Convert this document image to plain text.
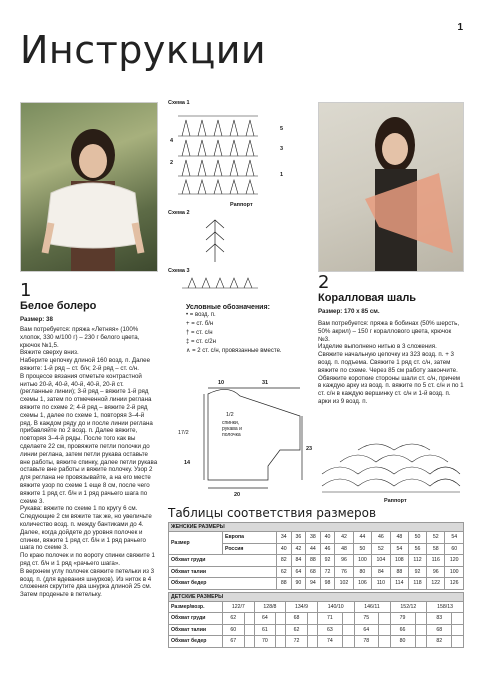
Инструкции
1
Схема 1
5
3
1
4
2
Раппорт
Схема 2
Схема 3
Условные обозначения:
• = возд. п.
+ = ст. б/н
† = ст. с/н
‡ = ст. с/2н
∧ = 2 ст. с/н, провязанные вместе.
10	31
17/2
14
23
20
1/2
спинки, рукава и полочка
1
Белое болеро
Размер: 38

Вам потребуется: пряжа «Летняя» (100% хлопок, 330 м/100 г) – 230 г белого цвета, крючок №1,5.

Вяжите сверху вниз.

Наберите цепочку длиной 160 возд. п. Далее вяжите: 1-й ряд – ст. б/н; 2-й ряд – ст. с/н.

В процессе вязания отметьте контрастной нитью 20-й, 40-й, 40-й, 40-й, 20-й ст. (регланные линии); 3-й ряд – вяжите 1-й ряд схемы 1, затем по отмеченной линии реглана вяжите по схеме 2; 4-й ряд – вяжите 2-й ряд схемы 1, далее по схеме 1, повторяя 3–4-й ряд. В каждом ряду до и после линии реглана прибавляйте по 2 возд. п. Далее вяжите, повторяя 3–4-й ряды. После того как вы сделаете 22 см, провяжите петли полочки до линии реглана, затем петли рукава оставьте вне работы, вяжите спинку, далее петли рукава оставьте вне работы и вяжите полочку. Узор 2 для реглана не провязывайте, а на его месте вяжите узор по схеме 1 еще 8 см, после чего вяжите 1 ряд ст. б/н и 1 ряд рачьего шага по схеме 3.

Рукава: вяжите по схеме 1 по кругу 6 см. Следующие 2 см вяжите так же, но увеличьте количество возд. п. между бантиками до 4. Далее, когда дойдете до уровня полочек и спинки, вяжите 1 ряд ст. б/н и 1 ряд рачьего шага по схеме 3.

По краю полочек и по вороту спинки свяжите 1 ряд ст. б/н и 1 ряд «рачьего шага».

В верхнем углу полочек свяжите петельки из 3 возд. п. (для вдевания шнурков). Из ниток в 4 сложения скрутите два шнурка длиной 25 см. Затем проденьте в петельку.

2
Коралловая шаль
Размер: 170 х 85 см.

Вам потребуется: пряжа в бобинах (50% шерсть, 50% акрил) – 150 г кораллового цвета, крючок №3.

Изделие выполнено нитью в 3 сложения.

Свяжите начальную цепочку из 323 возд. п. + 3 возд. п. подъема. Свяжите 1 ряд ст. с/н, затем вяжите по схеме. Через 85 см работу закончите. Обвяжите короткие стороны шали ст. с/н, причем в каждую арку из возд. п. вяжите по 5 ст. с/н и по 1 ст. с/н в каждую вершинку ст. с/н и 1-й возд. п. арки из 9 возд. п.

Раппорт
Таблицы соответствия размеров
ЖЕНСКИЕ РАЗМЕРЫ												
Размер	Европа	34	36	38	40	42	44	46	48	50	52	54
	Россия	40	42	44	46	48	50	52	54	56	58	60
Обхват груди		82	84	88	92	96	100	104	108	112	116	120
Обхват талии		62	64	68	72	76	80	84	88	92	96	100
Обхват бедер		88	90	94	98	102	106	110	114	118	122	126
ДЕТСКИЕ РАЗМЕРЫ														
Размер/возр.	122/7		128/8		134/9		140/10		146/11		152/12		158/13	
Обхват груди	62		64		68		71		75		79		83	
Обхват талии	60		61		62		63		64		66		68	
Обхват бедер	67		70		72		74		78		80		82	
